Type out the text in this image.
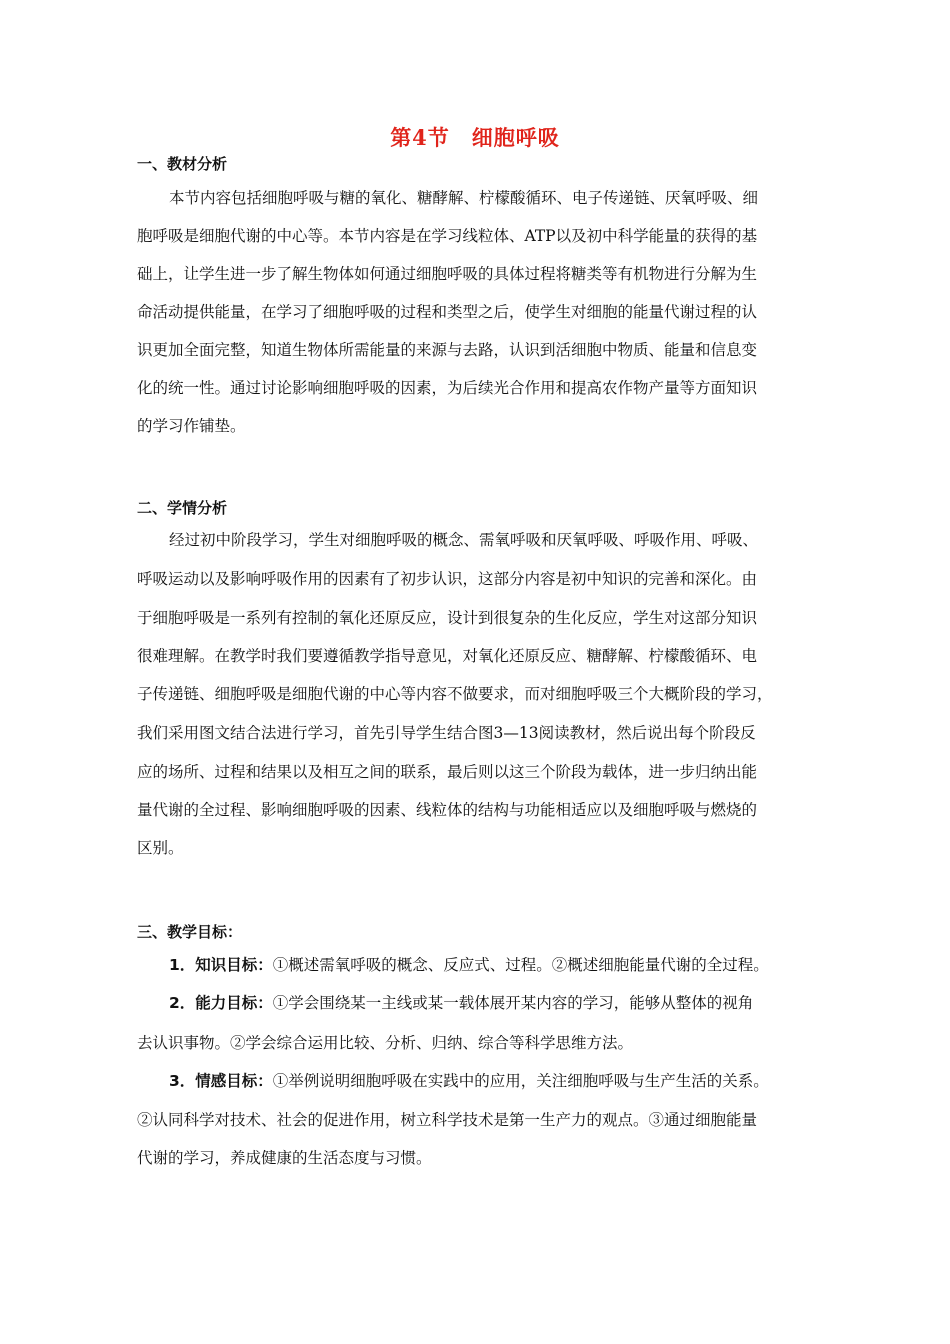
第4节　细胞呼吸
一、教材分析
本节内容包括细胞呼吸与糖的氧化、糖酵解、柠檬酸循环、电子传递链、厌氧呼吸、细
胞呼吸是细胞代谢的中心等。本节内容是在学习线粒体、ATP以及初中科学能量的获得的基
础上，让学生进一步了解生物体如何通过细胞呼吸的具体过程将糖类等有机物进行分解为生
命活动提供能量，在学习了细胞呼吸的过程和类型之后，使学生对细胞的能量代谢过程的认
识更加全面完整，知道生物体所需能量的来源与去路，认识到活细胞中物质、能量和信息变
化的统一性。通过讨论影响细胞呼吸的因素，为后续光合作用和提高农作物产量等方面知识
的学习作铺垫。
二、学情分析
经过初中阶段学习，学生对细胞呼吸的概念、需氧呼吸和厌氧呼吸、呼吸作用、呼吸、
呼吸运动以及影响呼吸作用的因素有了初步认识，这部分内容是初中知识的完善和深化。由
于细胞呼吸是一系列有控制的氧化还原反应，设计到很复杂的生化反应，学生对这部分知识
很难理解。在教学时我们要遵循教学指导意见，对氧化还原反应、糖酵解、柠檬酸循环、电
子传递链、细胞呼吸是细胞代谢的中心等内容不做要求，而对细胞呼吸三个大概阶段的学习，
我们采用图文结合法进行学习，首先引导学生结合图3—13阅读教材，然后说出每个阶段反
应的场所、过程和结果以及相互之间的联系，最后则以这三个阶段为载体，进一步归纳出能
量代谢的全过程、影响细胞呼吸的因素、线粒体的结构与功能相适应以及细胞呼吸与燃烧的
区别。
三、教学目标：
1．知识目标：①概述需氧呼吸的概念、反应式、过程。②概述细胞能量代谢的全过程。
2．能力目标：①学会围绕某一主线或某一载体展开某内容的学习，能够从整体的视角
去认识事物。②学会综合运用比较、分析、归纳、综合等科学思维方法。
3．情感目标：①举例说明细胞呼吸在实践中的应用，关注细胞呼吸与生产生活的关系。
②认同科学对技术、社会的促进作用，树立科学技术是第一生产力的观点。③通过细胞能量
代谢的学习，养成健康的生活态度与习惯。
